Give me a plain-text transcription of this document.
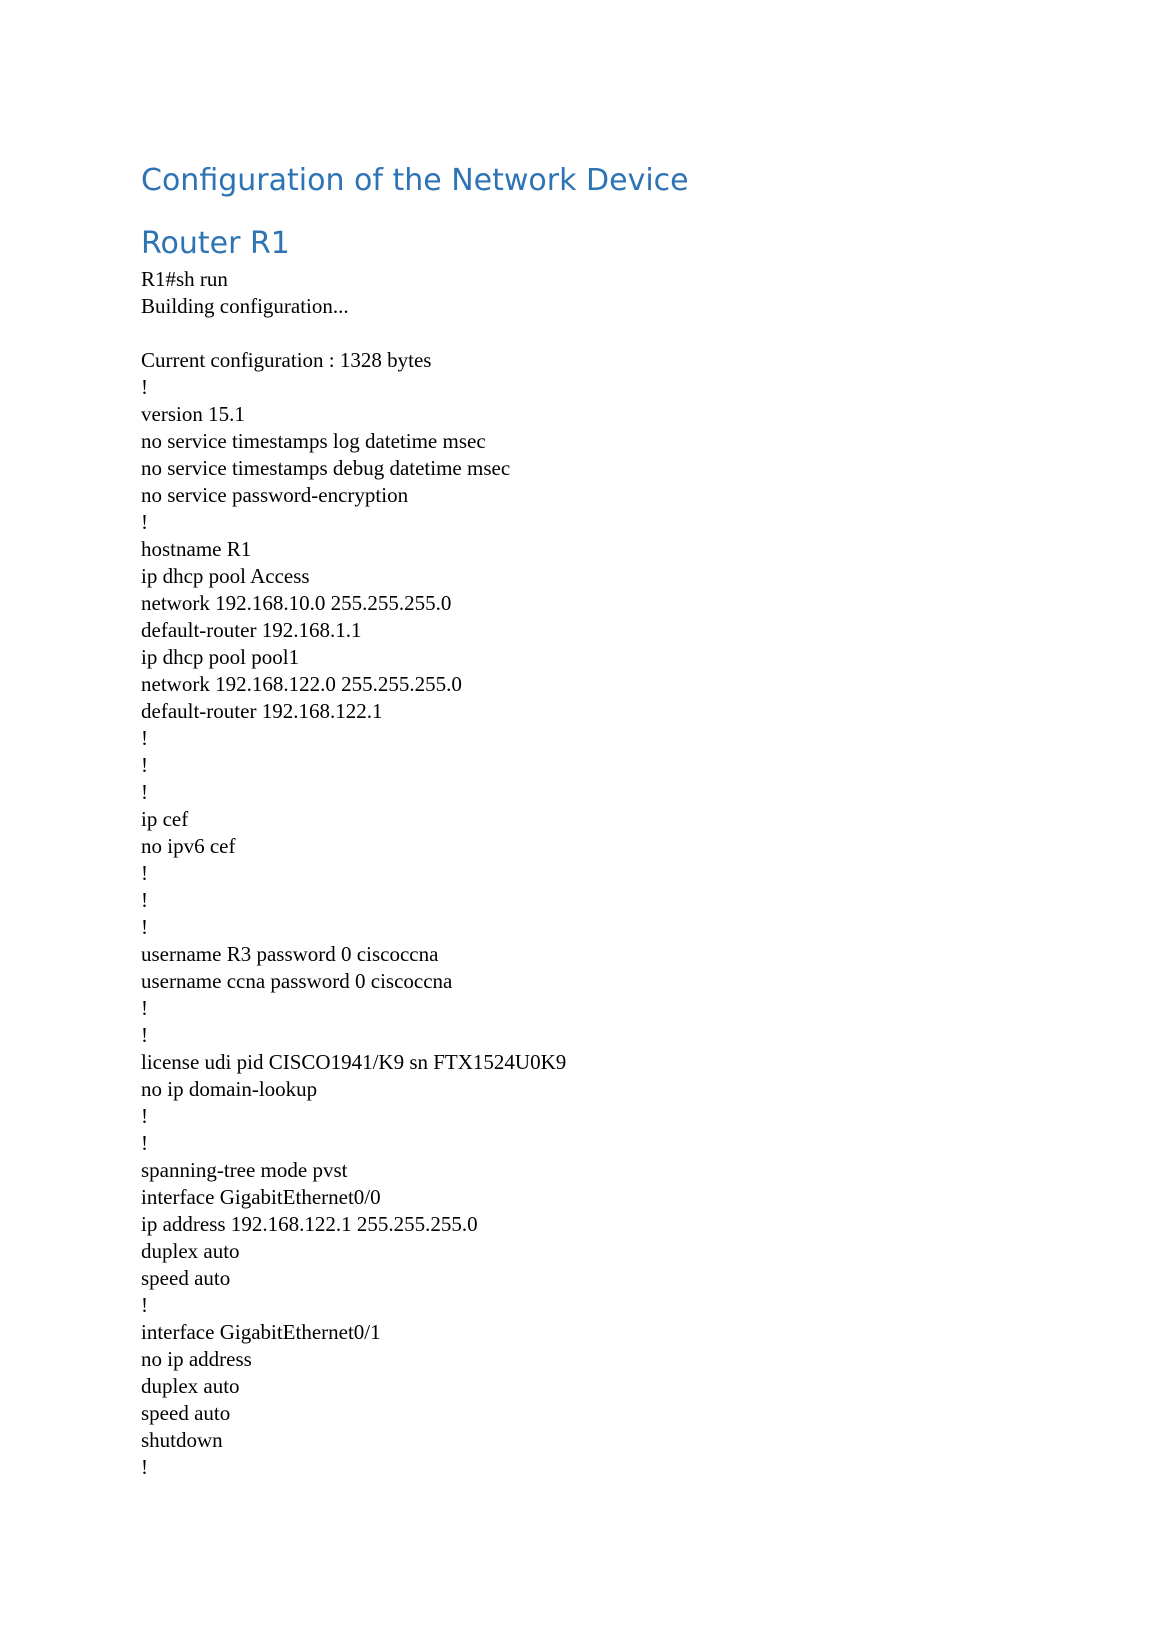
Configuration of the Network Device
Router R1
R1#sh run
Building configuration...
Current configuration : 1328 bytes
!
version 15.1
no service timestamps log datetime msec
no service timestamps debug datetime msec
no service password-encryption
!
hostname R1
ip dhcp pool Access
network 192.168.10.0 255.255.255.0
default-router 192.168.1.1
ip dhcp pool pool1
network 192.168.122.0 255.255.255.0
default-router 192.168.122.1
!
!
!
ip cef
no ipv6 cef
!
!
!
username R3 password 0 ciscoccna
username ccna password 0 ciscoccna
!
!
license udi pid CISCO1941/K9 sn FTX1524U0K9
no ip domain-lookup
!
!
spanning-tree mode pvst
interface GigabitEthernet0/0
ip address 192.168.122.1 255.255.255.0
duplex auto
speed auto
!
interface GigabitEthernet0/1
no ip address
duplex auto
speed auto
shutdown
!
